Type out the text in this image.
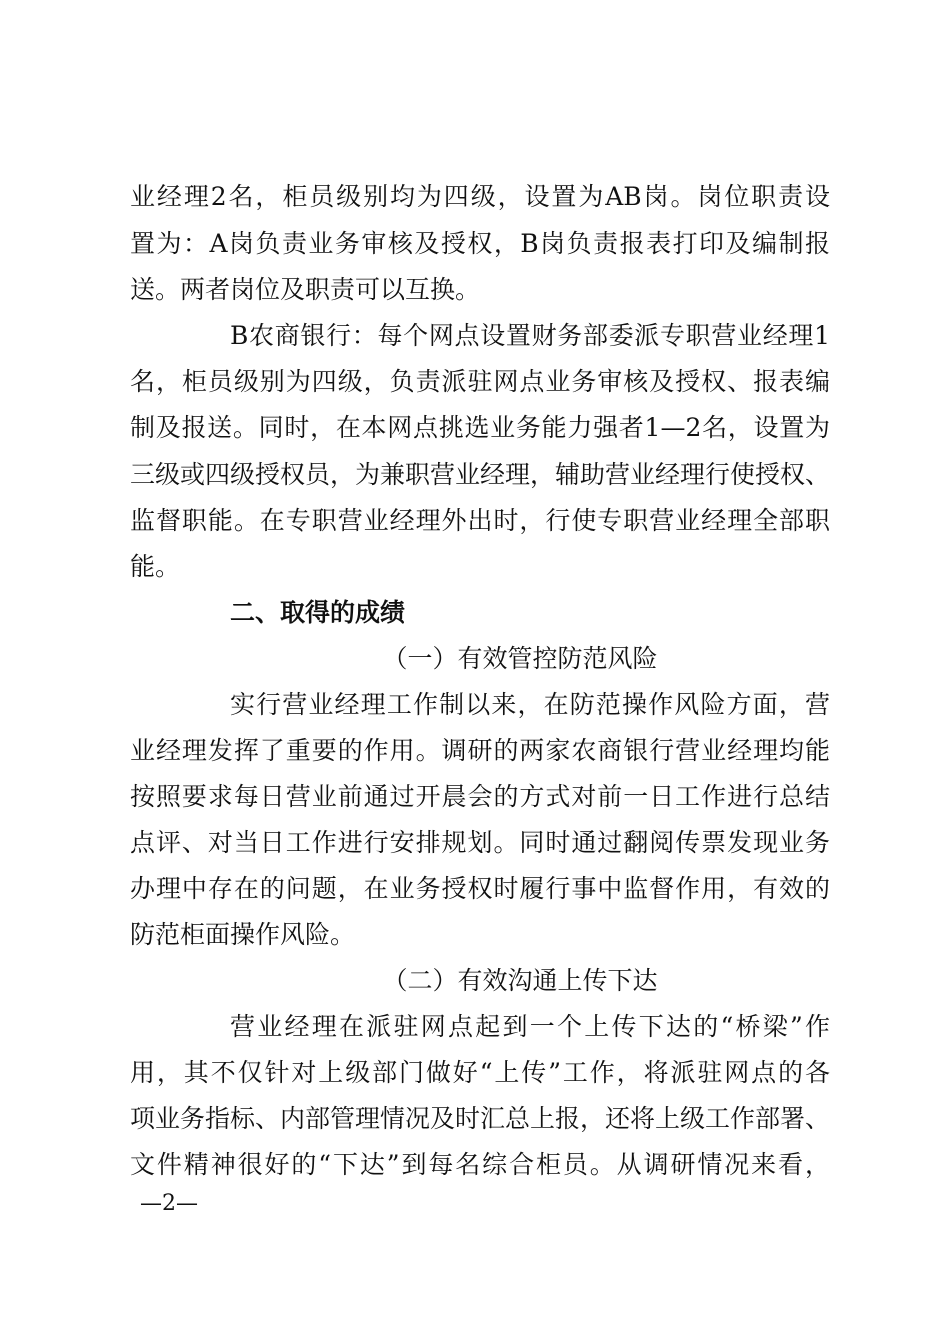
业经理2名，柜员级别均为四级，设置为AB岗。岗位职责设
置为：A岗负责业务审核及授权，B岗负责报表打印及编制报
送。两者岗位及职责可以互换。
B农商银行：每个网点设置财务部委派专职营业经理1
名，柜员级别为四级，负责派驻网点业务审核及授权、报表编
制及报送。同时，在本网点挑选业务能力强者1—2名，设置为
三级或四级授权员，为兼职营业经理，辅助营业经理行使授权、
监督职能。在专职营业经理外出时，行使专职营业经理全部职
能。
二、取得的成绩
（一）有效管控防范风险
实行营业经理工作制以来，在防范操作风险方面，营
业经理发挥了重要的作用。调研的两家农商银行营业经理均能
按照要求每日营业前通过开晨会的方式对前一日工作进行总结
点评、对当日工作进行安排规划。同时通过翻阅传票发现业务
办理中存在的问题，在业务授权时履行事中监督作用，有效的
防范柜面操作风险。
（二）有效沟通上传下达
营业经理在派驻网点起到一个上传下达的“桥梁”作
用，其不仅针对上级部门做好“上传”工作，将派驻网点的各
项业务指标、内部管理情况及时汇总上报，还将上级工作部署、
文件精神很好的“下达”到每名综合柜员。从调研情况来看，
—2—
